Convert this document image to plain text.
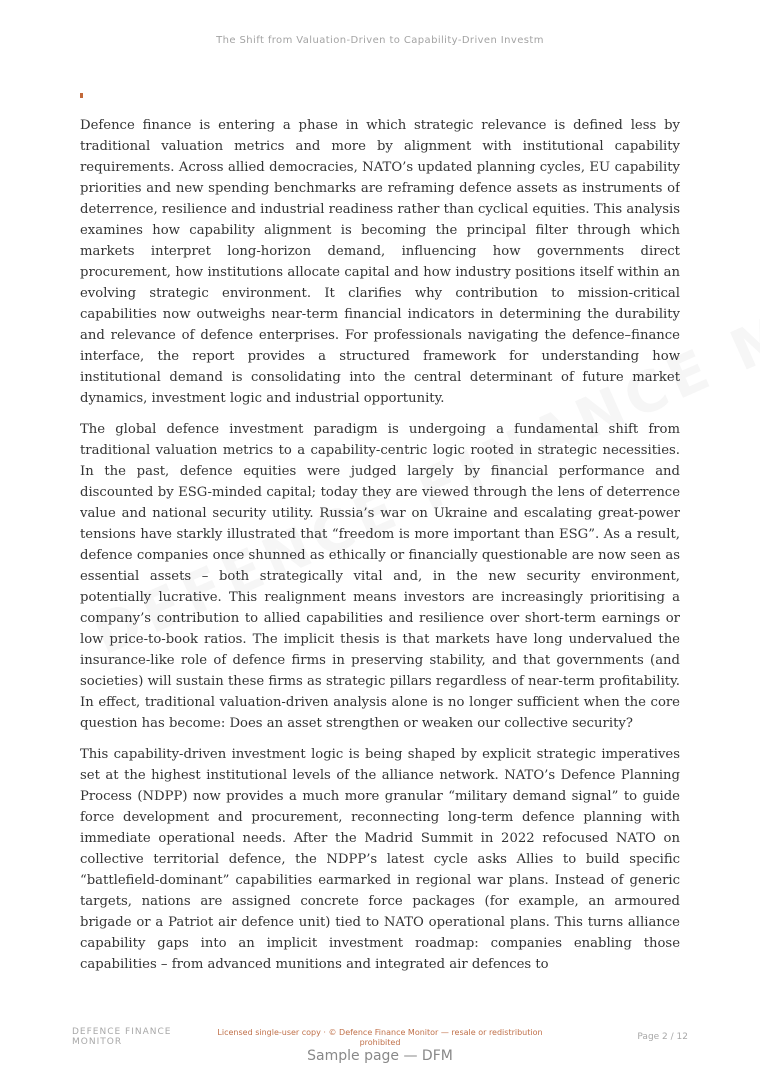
The Shift from Valuation-Driven to Capability-Driven Investm

Defence finance is entering a phase in which strategic relevance is defined less by traditional valuation metrics and more by alignment with institutional capability requirements. Across allied democracies, NATO’s updated planning cycles, EU capability priorities and new spending benchmarks are reframing defence assets as instruments of deterrence, resilience and industrial readiness rather than cyclical equities. This analysis examines how capability alignment is becoming the principal filter through which markets interpret long-horizon demand, influencing how governments direct procurement, how institutions allocate capital and how industry positions itself within an evolving strategic environment. It clarifies why contribution to mission-critical capabilities now outweighs near-term financial indicators in determining the durability and relevance of defence enterprises. For professionals navigating the defence–finance interface, the report provides a structured framework for understanding how institutional demand is consolidating into the central determinant of future market dynamics, investment logic and industrial opportunity.

The global defence investment paradigm is undergoing a fundamental shift from traditional valuation metrics to a capability-centric logic rooted in strategic necessities. In the past, defence equities were judged largely by financial performance and discounted by ESG-minded capital; today they are viewed through the lens of deterrence value and national security utility. Russia’s war on Ukraine and escalating great-power tensions have starkly illustrated that “freedom is more important than ESG”. As a result, defence companies once shunned as ethically or financially questionable are now seen as essential assets – both strategically vital and, in the new security environment, potentially lucrative. This realignment means investors are increasingly prioritising a company’s contribution to allied capabilities and resilience over short-term earnings or low price-to-book ratios. The implicit thesis is that markets have long undervalued the insurance-like role of defence firms in preserving stability, and that governments (and societies) will sustain these firms as strategic pillars regardless of near-term profitability. In effect, traditional valuation-driven analysis alone is no longer sufficient when the core question has become: Does an asset strengthen or weaken our collective security?

This capability-driven investment logic is being shaped by explicit strategic imperatives set at the highest institutional levels of the alliance network. NATO’s Defence Planning Process (NDPP) now provides a much more granular “military demand signal” to guide force development and procurement, reconnecting long-term defence planning with immediate operational needs. After the Madrid Summit in 2022 refocused NATO on collective territorial defence, the NDPP’s latest cycle asks Allies to build specific “battlefield-dominant” capabilities earmarked in regional war plans. Instead of generic targets, nations are assigned concrete force packages (for example, an armoured brigade or a Patriot air defence unit) tied to NATO operational plans. This turns alliance capability gaps into an implicit investment roadmap: companies enabling those capabilities – from advanced munitions and integrated air defences to

DEFENCE FINANCE
MONITOR
Licensed single-user copy · © Defence Finance Monitor — resale or redistribution prohibited
Page 2 / 12
Sample page — DFM
